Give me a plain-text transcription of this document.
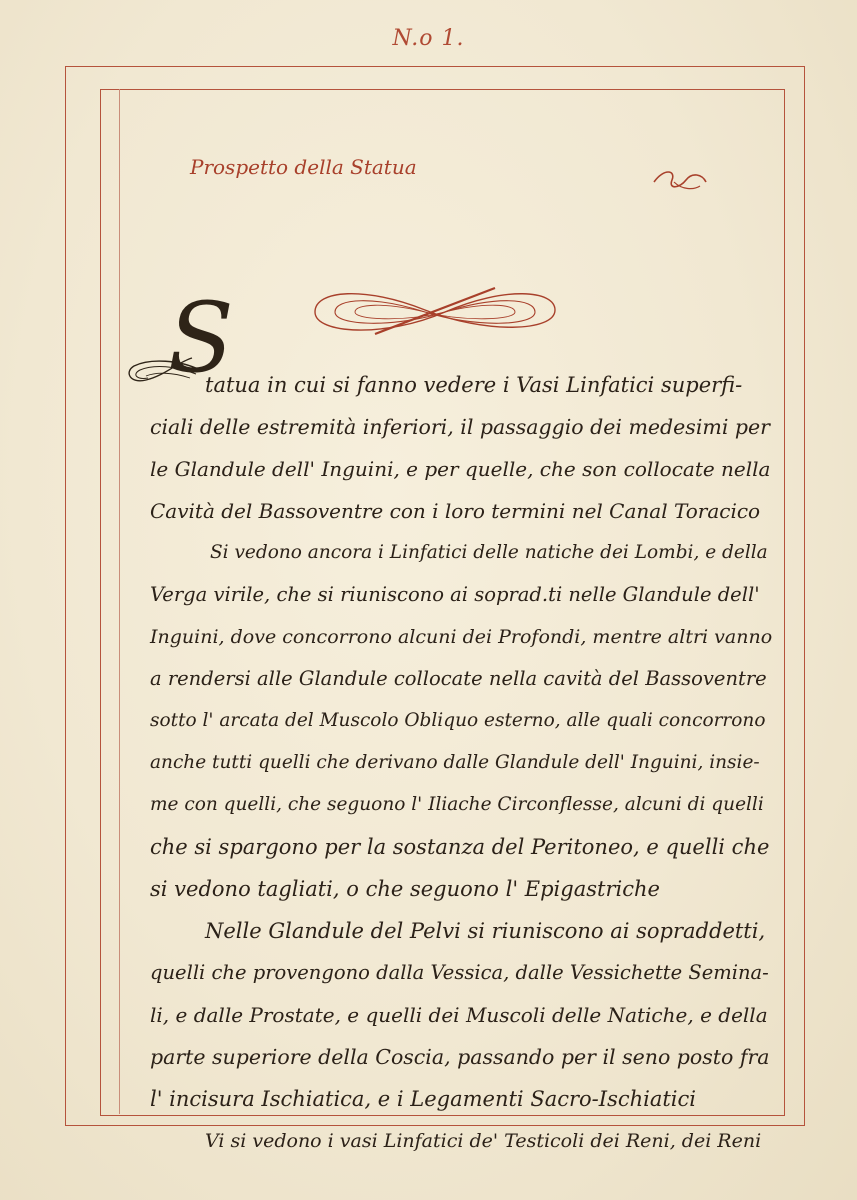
N.o 1.
Prospetto della Statua
S
tatua in cui si fanno vedere i Vasi Linfatici superfi-
ciali delle estremità inferiori, il passaggio dei medesimi per
le Glandule dell' Inguini, e per quelle, che son collocate nella
Cavità del Bassoventre con i loro termini nel Canal Toracico
Si vedono ancora i Linfatici delle natiche dei Lombi, e della
Verga virile, che si riuniscono ai soprad.ti nelle Glandule dell'
Inguini, dove concorrono alcuni dei Profondi, mentre altri vanno
a rendersi alle Glandule collocate nella cavità del Bassoventre
sotto l' arcata del Muscolo Obliquo esterno, alle quali concorrono
anche tutti quelli che derivano dalle Glandule dell' Inguini, insie-
me con quelli, che seguono l' Iliache Circonflesse, alcuni di quelli
che si spargono per la sostanza del Peritoneo, e quelli che
si vedono tagliati, o che seguono l' Epigastriche
Nelle Glandule del Pelvi si riuniscono ai sopraddetti,
quelli che provengono dalla Vessica, dalle Vessichette Semina-
li, e dalle Prostate, e quelli dei Muscoli delle Natiche, e della
parte superiore della Coscia, passando per il seno posto fra
l' incisura Ischiatica, e i Legamenti Sacro-Ischiatici
Vi si vedono i vasi Linfatici de' Testicoli dei Reni, dei Reni
